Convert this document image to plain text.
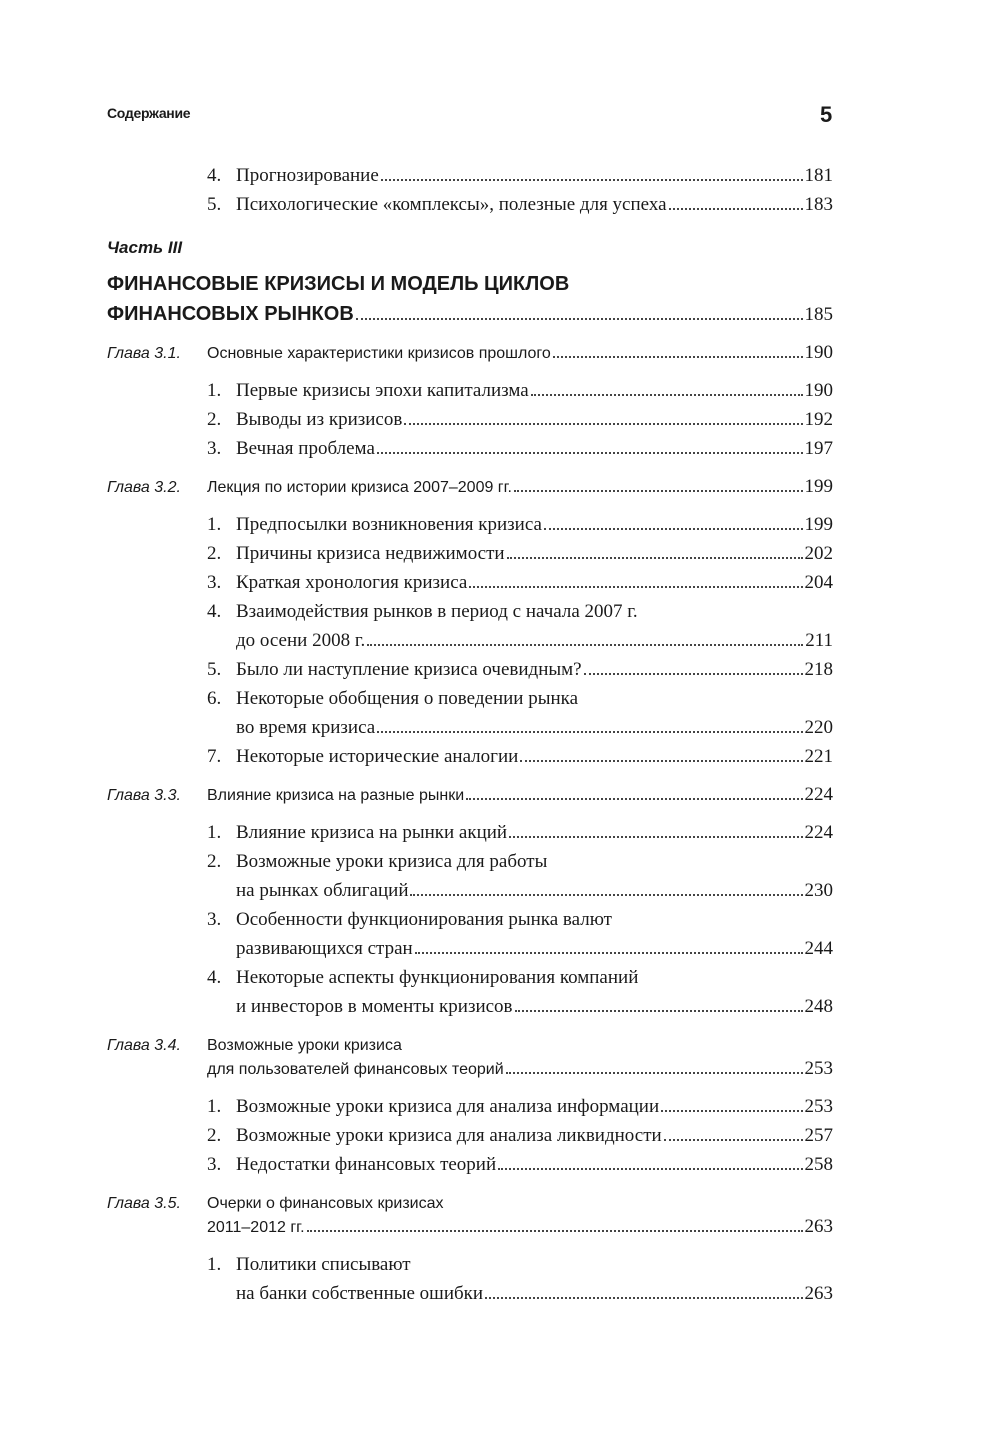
Содержание	5
4. Прогнозирование	181
5. Психологические «комплексы», полезные для успеха	183
Часть III
ФИНАНСОВЫЕ КРИЗИСЫ И МОДЕЛЬ ЦИКЛОВ
ФИНАНСОВЫХ РЫНКОВ	185
Глава 3.1.	Основные характеристики кризисов прошлого	190
1. Первые кризисы эпохи капитализма	190
2. Выводы из кризисов	192
3. Вечная проблема	197
Глава 3.2.	Лекция по истории кризиса 2007–2009 гг.	199
1. Предпосылки возникновения кризиса	199
2. Причины кризиса недвижимости	202
3. Краткая хронология кризиса	204
4. Взаимодействия рынков в период с начала 2007 г.
до осени 2008 г.	211
5. Было ли наступление кризиса очевидным?	218
6. Некоторые обобщения о поведении рынка
во время кризиса	220
7. Некоторые исторические аналогии	221
Глава 3.3.	Влияние кризиса на разные рынки	224
1. Влияние кризиса на рынки акций	224
2. Возможные уроки кризиса для работы
на рынках облигаций	230
3. Особенности функционирования рынка валют
развивающихся стран	244
4. Некоторые аспекты функционирования компаний
и инвесторов в моменты кризисов	248
Глава 3.4.	Возможные уроки кризиса
для пользователей финансовых теорий	253
1. Возможные уроки кризиса для анализа информации	253
2. Возможные уроки кризиса для анализа ликвидности	257
3. Недостатки финансовых теорий	258
Глава 3.5.	Очерки о финансовых кризисах
2011–2012 гг.	263
1. Политики списывают
на банки собственные ошибки	263
